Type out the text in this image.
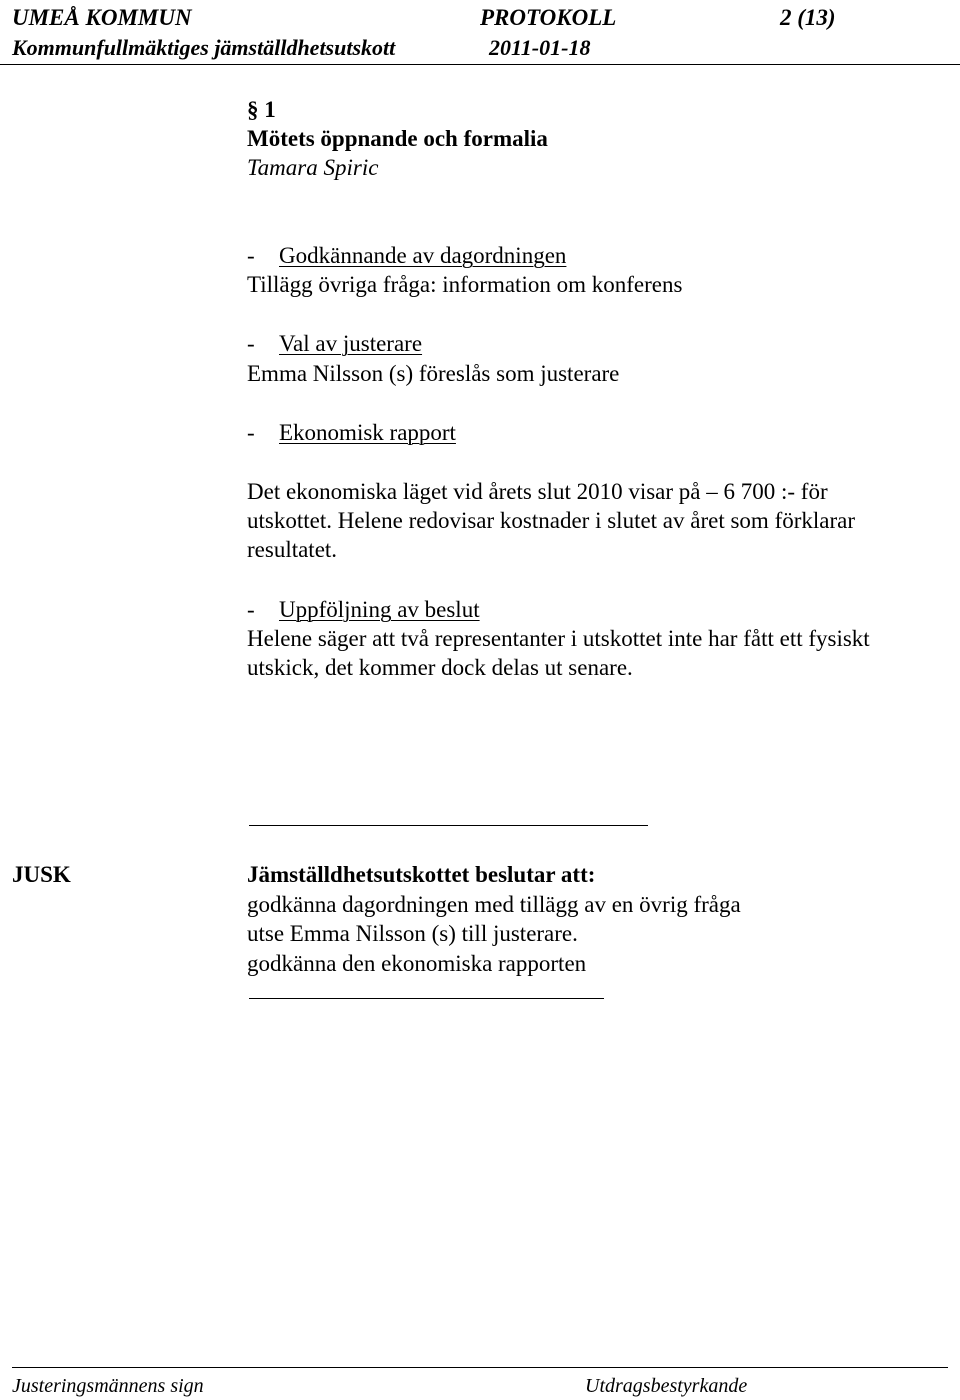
UMEÅ KOMMUN	PROTOKOLL	2 (13)
Kommunfullmäktiges jämställdhetsutskott	2011-01-18
§ 1
Mötets öppnande och formalia
Tamara Spiric
- Godkännande av dagordningen
Tillägg övriga fråga: information om konferens
- Val av justerare
Emma Nilsson (s) föreslås som justerare
- Ekonomisk rapport
Det ekonomiska läget vid årets slut 2010 visar på – 6 700 :- för
utskottet. Helene redovisar kostnader i slutet av året som förklarar
resultatet.
- Uppföljning av beslut
Helene säger att två representanter i utskottet inte har fått ett fysiskt
utskick, det kommer dock delas ut senare.
JUSK	Jämställdhetsutskottet beslutar att:
godkänna dagordningen med tillägg av en övrig fråga
utse Emma Nilsson (s) till justerare.
godkänna den ekonomiska rapporten
Justeringsmännens sign	Utdragsbestyrkande
